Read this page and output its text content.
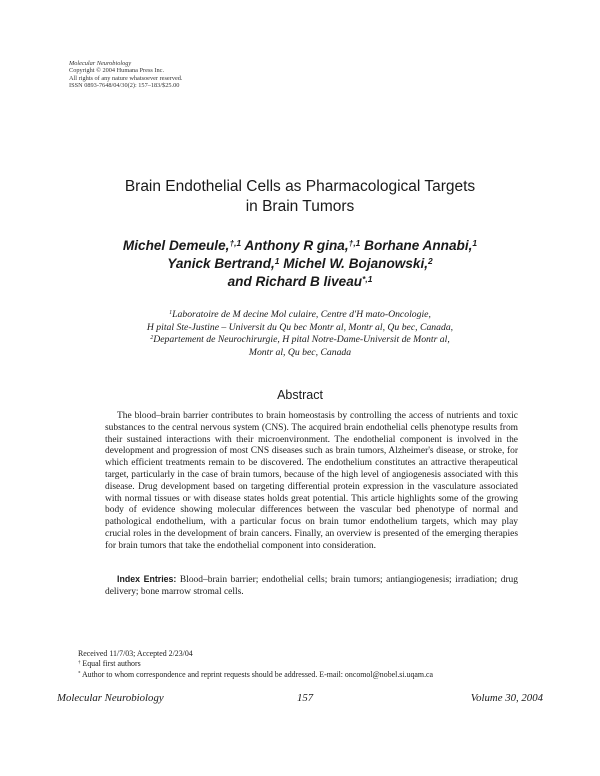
Molecular Neurobiology
Copyright © 2004 Humana Press Inc.
All rights of any nature whatsoever reserved.
ISSN 0893-7648/04/30(2): 157–183/$25.00
Brain Endothelial Cells as Pharmacological Targets
in Brain Tumors
Michel Demeule,$^{\dagger,1}$ Anthony R gina,$^{\dagger,1}$ Borhane Annabi,$^1$
Yanick Bertrand,$^1$ Michel W. Bojanowski,$^2$
and Richard B liveau$^{*,1}$
$^1$Laboratoire de M decine Mol culaire, Centre d'H mato-Oncologie,
H pital Ste-Justine – Universit du Qu bec Montr al, Montr al, Qu bec, Canada,
$^2$Departement de Neurochirurgie, H pital Notre-Dame-Universit de Montr al,
Montr al, Qu bec, Canada
Abstract
The blood–brain barrier contributes to brain homeostasis by controlling the access of nutrients and toxic substances to the central nervous system (CNS). The acquired brain endothelial cells phenotype results from their sustained interactions with their microenvironment. The endothelial component is involved in the development and progression of most CNS diseases such as brain tumors, Alzheimer's disease, or stroke, for which efficient treatments remain to be discovered. The endothelium constitutes an attractive therapeutical target, particularly in the case of brain tumors, because of the high level of angiogenesis associated with this disease. Drug development based on targeting differential protein expression in the vasculature associated with normal tissues or with disease states holds great potential. This article highlights some of the growing body of evidence showing molecular differences between the vascular bed phenotype of normal and pathological endothelium, with a particular focus on brain tumor endothelium targets, which may play crucial roles in the development of brain cancers. Finally, an overview is presented of the emerging therapies for brain tumors that take the endothelial component into consideration.
Index Entries: Blood–brain barrier; endothelial cells; brain tumors; antiangiogenesis; irradiation; drug delivery; bone marrow stromal cells.
Received 11/7/03; Accepted 2/23/04
† Equal first authors
* Author to whom correspondence and reprint requests should be addressed. E-mail: oncomol@nobel.si.uqam.ca
Molecular Neurobiology	157	Volume 30, 2004
